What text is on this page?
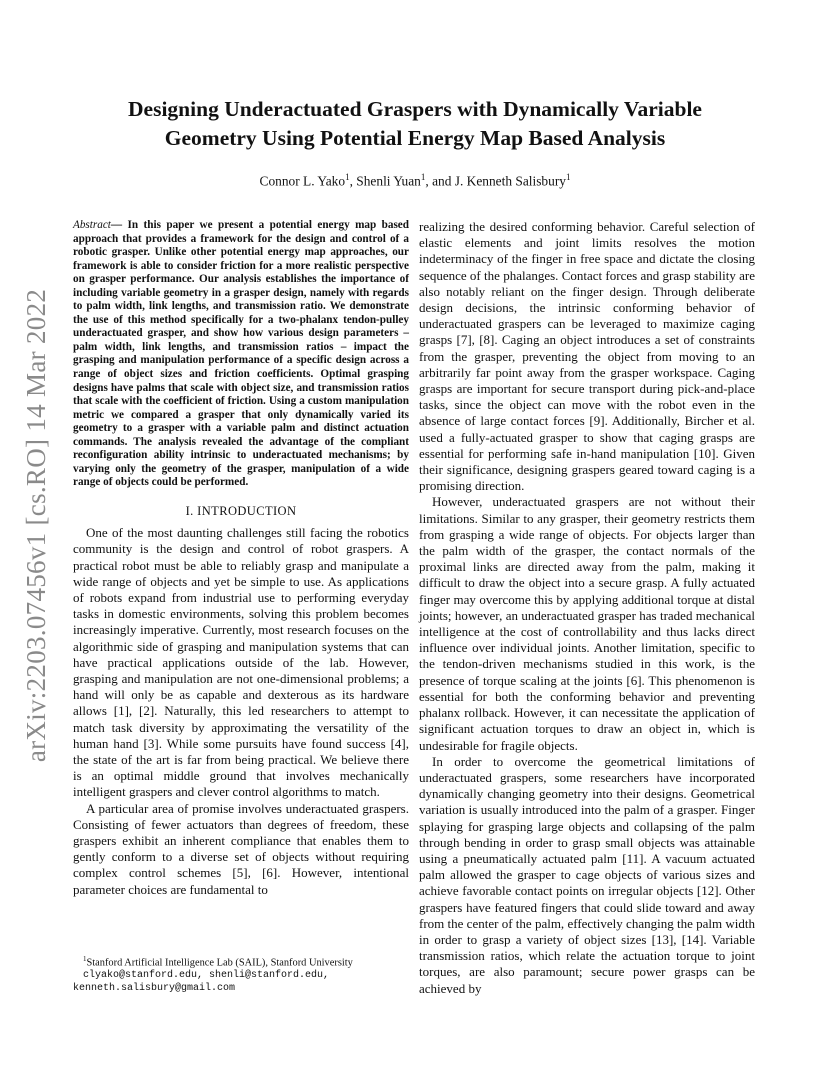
arXiv:2203.07456v1 [cs.RO] 14 Mar 2022
Designing Underactuated Graspers with Dynamically Variable
Geometry Using Potential Energy Map Based Analysis
Connor L. Yako$^1$, Shenli Yuan$^1$, and J. Kenneth Salisbury$^1$

Abstract— In this paper we present a potential energy map based approach that provides a framework for the design and control of a robotic grasper. Unlike other potential energy map approaches, our framework is able to consider friction for a more realistic perspective on grasper performance. Our analysis establishes the importance of including variable geometry in a grasper design, namely with regards to palm width, link lengths, and transmission ratio. We demonstrate the use of this method specifically for a two-phalanx tendon-pulley underactuated grasper, and show how various design parameters – palm width, link lengths, and transmission ratios – impact the grasping and manipulation performance of a specific design across a range of object sizes and friction coefficients. Optimal grasping designs have palms that scale with object size, and transmission ratios that scale with the coefficient of friction. Using a custom manipulation metric we compared a grasper that only dynamically varied its geometry to a grasper with a variable palm and distinct actuation commands. The analysis revealed the advantage of the compliant reconfiguration ability intrinsic to underactuated mechanisms; by varying only the geometry of the grasper, manipulation of a wide range of objects could be performed.

I. INTRODUCTION

One of the most daunting challenges still facing the robotics community is the design and control of robot graspers. A practical robot must be able to reliably grasp and manipulate a wide range of objects and yet be simple to use. As applications of robots expand from industrial use to performing everyday tasks in domestic environments, solving this problem becomes increasingly imperative. Currently, most research focuses on the algorithmic side of grasping and manipulation systems that can have practical applications outside of the lab. However, grasping and manipulation are not one-dimensional problems; a hand will only be as capable and dexterous as its hardware allows [1], [2]. Naturally, this led researchers to attempt to match task diversity by approximating the versatility of the human hand [3]. While some pursuits have found success [4], the state of the art is far from being practical. We believe there is an optimal middle ground that involves mechanically intelligent graspers and clever control algorithms to match.

A particular area of promise involves underactuated graspers. Consisting of fewer actuators than degrees of freedom, these graspers exhibit an inherent compliance that enables them to gently conform to a diverse set of objects without requiring complex control schemes [5], [6]. However, intentional parameter choices are fundamental to

realizing the desired conforming behavior. Careful selection of elastic elements and joint limits resolves the motion indeterminacy of the finger in free space and dictate the closing sequence of the phalanges. Contact forces and grasp stability are also notably reliant on the finger design. Through deliberate design decisions, the intrinsic conforming behavior of underactuated graspers can be leveraged to maximize caging grasps [7], [8]. Caging an object introduces a set of constraints from the grasper, preventing the object from moving to an arbitrarily far point away from the grasper workspace. Caging grasps are important for secure transport during pick-and-place tasks, since the object can move with the robot even in the absence of large contact forces [9]. Additionally, Bircher et al. used a fully-actuated grasper to show that caging grasps are essential for performing safe in-hand manipulation [10]. Given their significance, designing graspers geared toward caging is a promising direction.

However, underactuated graspers are not without their limitations. Similar to any grasper, their geometry restricts them from grasping a wide range of objects. For objects larger than the palm width of the grasper, the contact normals of the proximal links are directed away from the palm, making it difficult to draw the object into a secure grasp. A fully actuated finger may overcome this by applying additional torque at distal joints; however, an underactuated grasper has traded mechanical intelligence at the cost of controllability and thus lacks direct influence over individual joints. Another limitation, specific to the tendon-driven mechanisms studied in this work, is the presence of torque scaling at the joints [6]. This phenomenon is essential for both the conforming behavior and preventing phalanx rollback. However, it can necessitate the application of significant actuation torques to draw an object in, which is undesirable for fragile objects.

In order to overcome the geometrical limitations of underactuated graspers, some researchers have incorporated dynamically changing geometry into their designs. Geometrical variation is usually introduced into the palm of a grasper. Finger splaying for grasping large objects and collapsing of the palm through bending in order to grasp small objects was attainable using a pneumatically actuated palm [11]. A vacuum actuated palm allowed the grasper to cage objects of various sizes and achieve favorable contact points on irregular objects [12]. Other graspers have featured fingers that could slide toward and away from the center of the palm, effectively changing the palm width in order to grasp a variety of object sizes [13], [14]. Variable transmission ratios, which relate the actuation torque to joint torques, are also paramount; secure power grasps can be achieved by

$^1$Stanford Artificial Intelligence Lab (SAIL), Stanford University
clyako@stanford.edu, shenli@stanford.edu,
kenneth.salisbury@gmail.com
